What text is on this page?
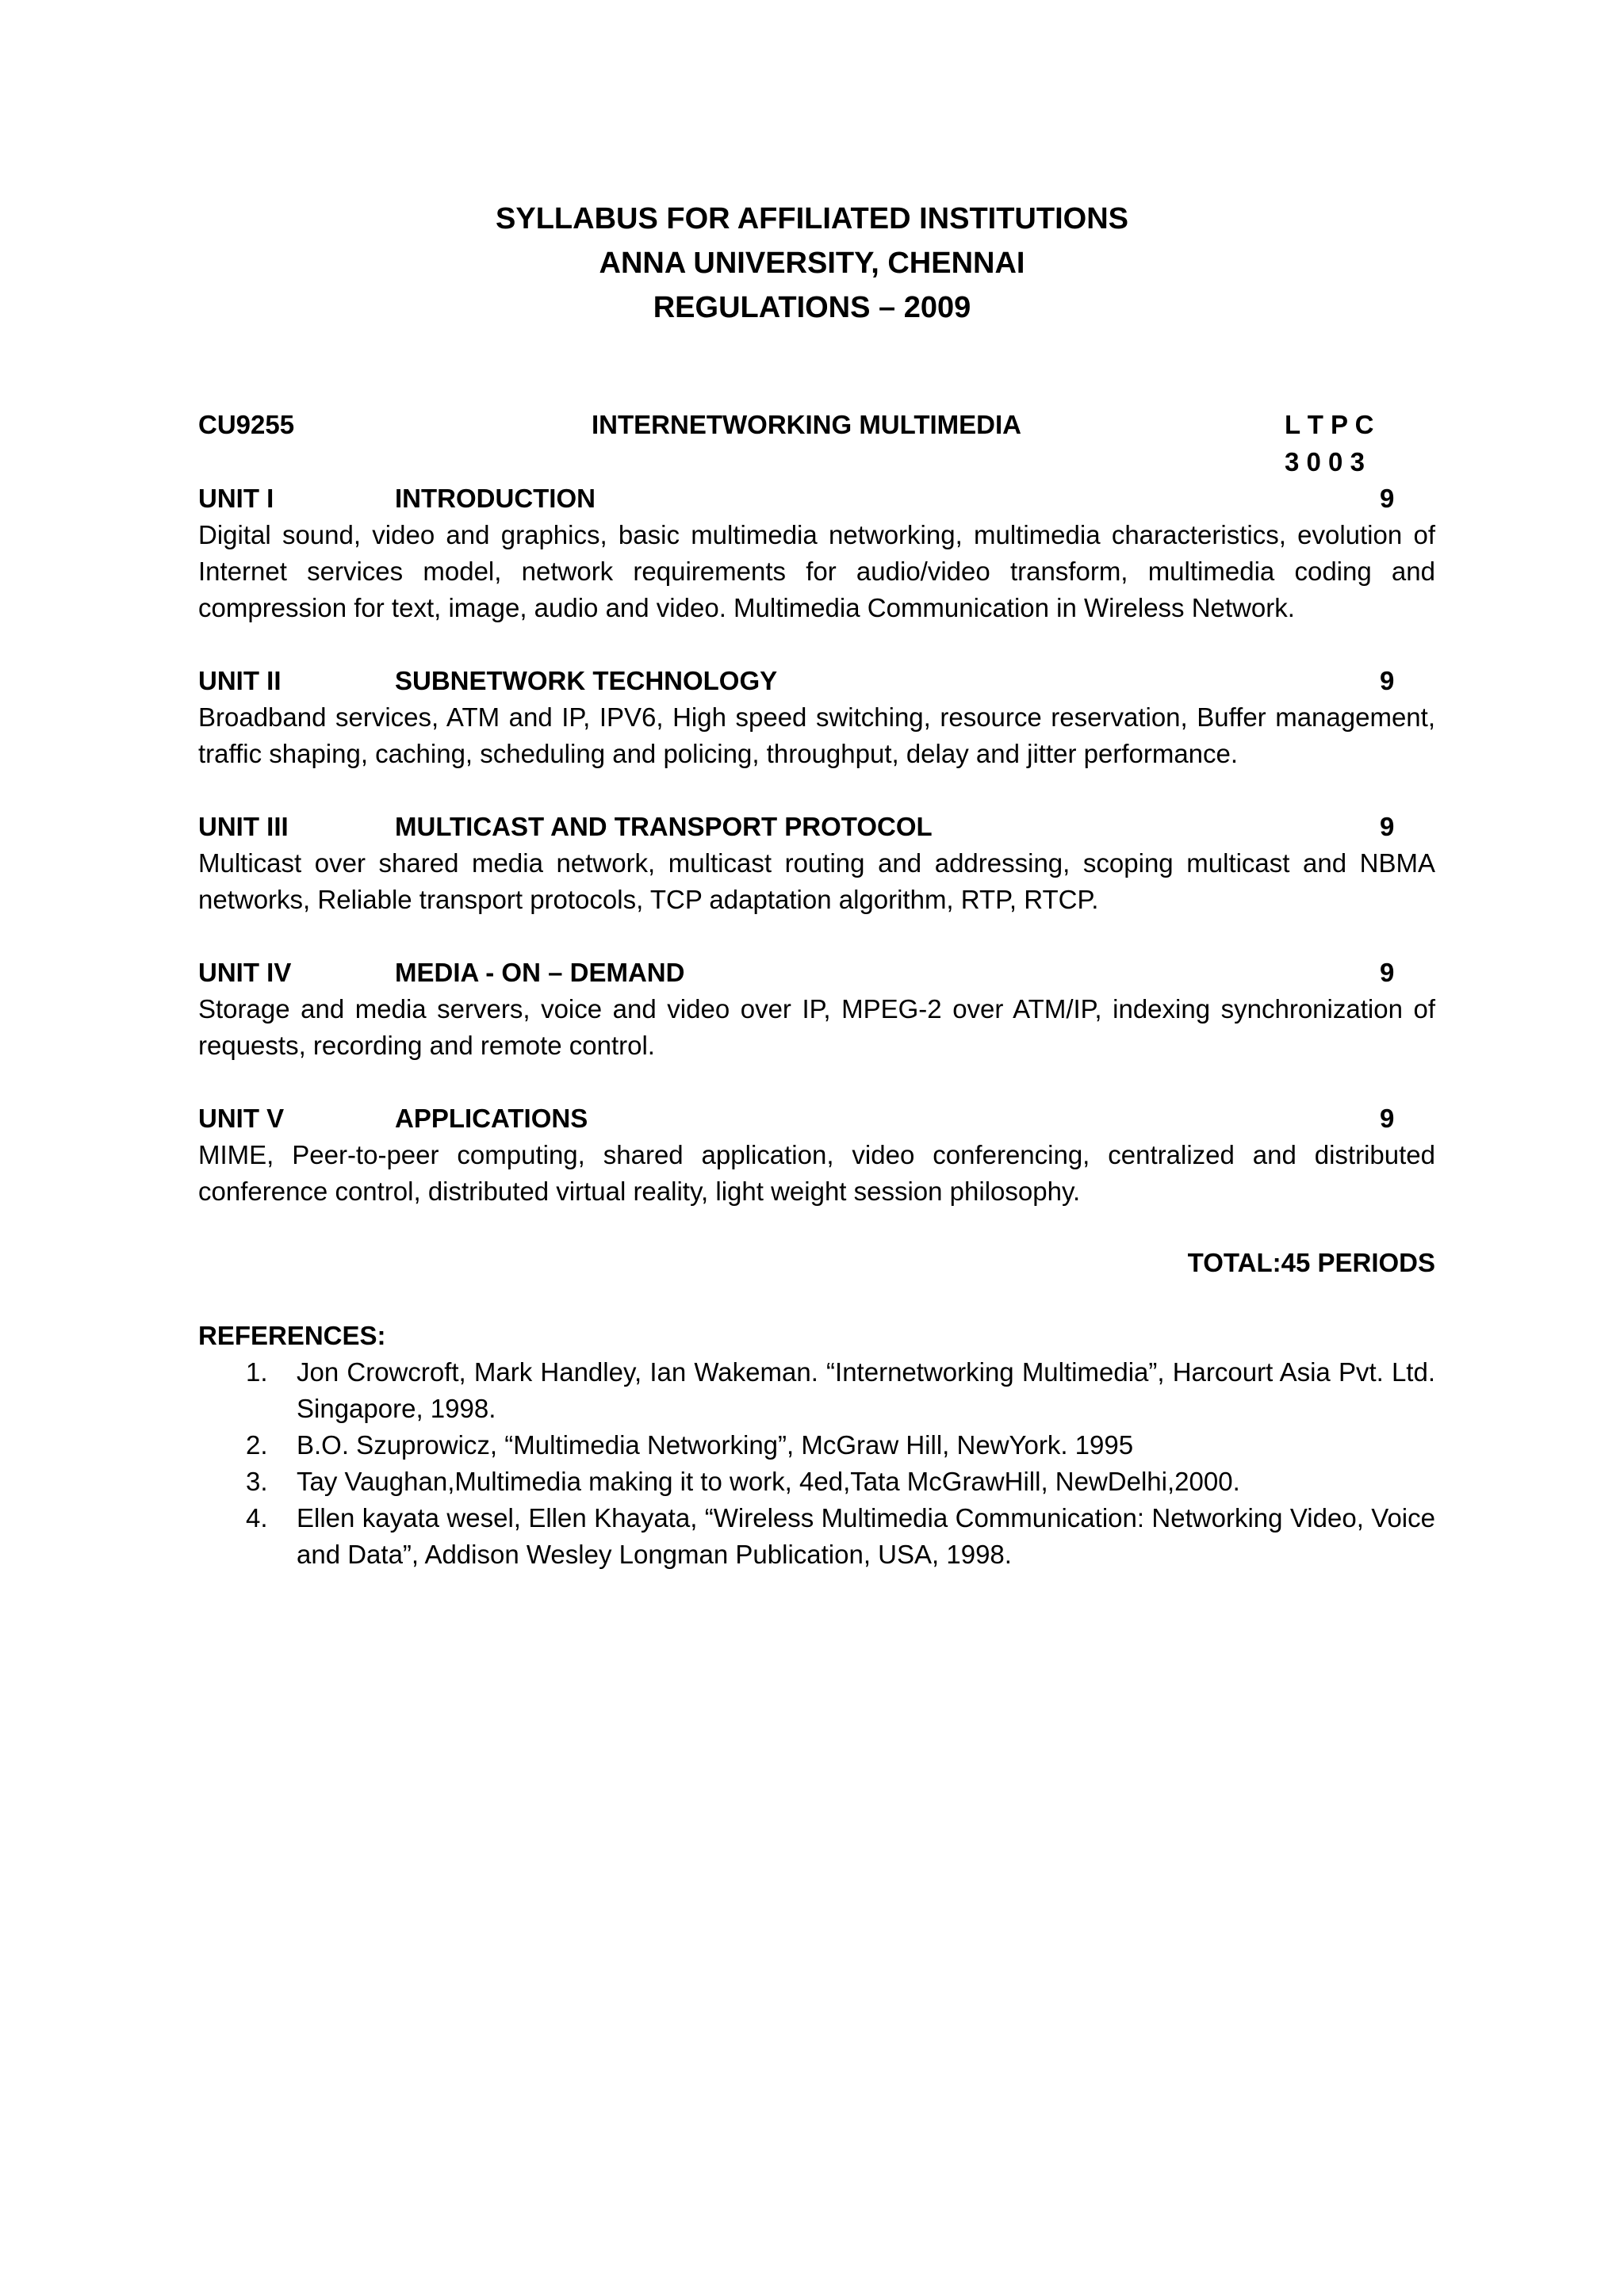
SYLLABUS FOR AFFILIATED INSTITUTIONS
ANNA UNIVERSITY, CHENNAI
REGULATIONS – 2009
CU9255	INTERNETWORKING MULTIMEDIA	L T P C
3 0 0 3
UNIT I	INTRODUCTION	9
Digital sound, video and graphics, basic multimedia networking, multimedia characteristics, evolution of Internet services model, network requirements for audio/video transform, multimedia coding and compression for text, image, audio and video. Multimedia Communication in Wireless Network.
UNIT II	SUBNETWORK TECHNOLOGY	9
Broadband services, ATM and IP, IPV6, High speed switching, resource reservation, Buffer management, traffic shaping, caching, scheduling and policing, throughput, delay and jitter performance.
UNIT III	MULTICAST AND TRANSPORT PROTOCOL	9
Multicast over shared media network, multicast routing and addressing, scoping multicast and NBMA networks, Reliable transport protocols, TCP adaptation algorithm, RTP, RTCP.
UNIT IV	MEDIA - ON – DEMAND	9
Storage and media servers, voice and video over IP, MPEG-2 over ATM/IP, indexing synchronization of requests, recording and remote control.
UNIT V	APPLICATIONS	9
MIME, Peer-to-peer computing, shared application, video conferencing, centralized and distributed conference control, distributed virtual reality, light weight session philosophy.
TOTAL:45 PERIODS
REFERENCES:
1. Jon Crowcroft, Mark Handley, Ian Wakeman. “Internetworking Multimedia”, Harcourt Asia Pvt. Ltd. Singapore, 1998.
2. B.O. Szuprowicz, “Multimedia Networking”, McGraw Hill, NewYork. 1995
3. Tay Vaughan,Multimedia making it to work, 4ed,Tata McGrawHill, NewDelhi,2000.
4. Ellen kayata wesel, Ellen Khayata, “Wireless Multimedia Communication: Networking Video, Voice and Data”, Addison Wesley Longman Publication, USA, 1998.
